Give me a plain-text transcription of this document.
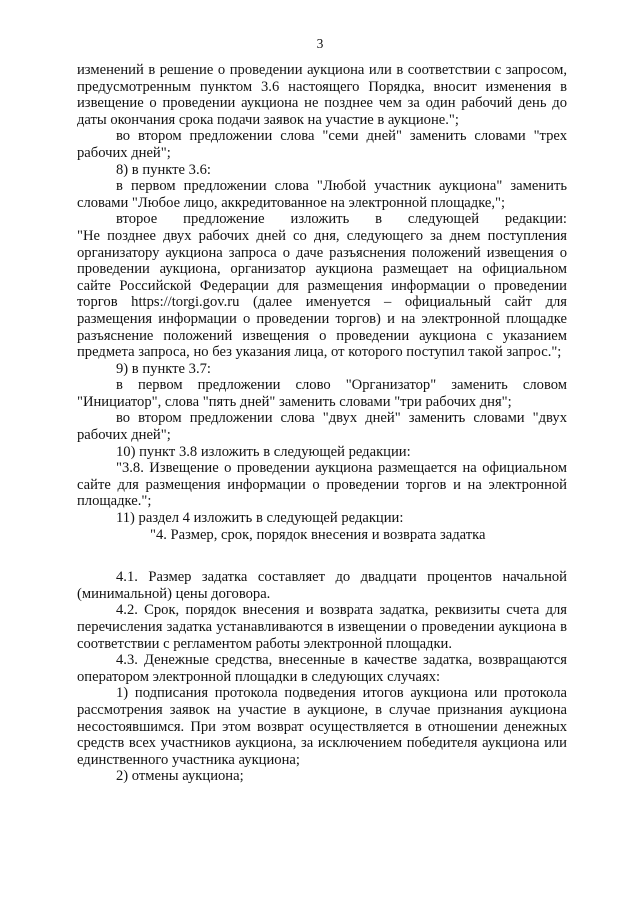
3

изменений в решение о проведении аукциона или в соответствии с запросом, предусмотренным пунктом 3.6 настоящего Порядка, вносит изменения в извещение о проведении аукциона не позднее чем за один рабочий день до даты окончания срока подачи заявок на участие в аукционе.";

во втором предложении слова "семи дней" заменить словами "трех рабочих дней";

8) в пункте 3.6:

в первом предложении слова "Любой участник аукциона" заменить словами "Любое лицо, аккредитованное на электронной площадке,";

второе предложение изложить в следующей редакции:

"Не позднее двух рабочих дней со дня, следующего за днем поступления организатору аукциона запроса о даче разъяснения положений извещения о проведении аукциона, организатор аукциона размещает на официальном сайте Российской Федерации для размещения информации о проведении торгов https://torgi.gov.ru (далее именуется – официальный сайт для размещения информации о проведении торгов) и на электронной площадке разъяснение положений извещения о проведении аукциона с указанием предмета запроса, но без указания лица, от которого поступил такой запрос.";

9) в пункте 3.7:

в первом предложении слово "Организатор" заменить словом "Инициатор", слова "пять дней" заменить словами "три рабочих дня";

во втором предложении слова "двух дней" заменить словами "двух рабочих дней";

10) пункт 3.8 изложить в следующей редакции:

"3.8. Извещение о проведении аукциона размещается на официальном сайте для размещения информации о проведении торгов и на электронной площадке.";

11) раздел 4 изложить в следующей редакции:

"4. Размер, срок, порядок внесения и возврата задатка

4.1. Размер задатка составляет до двадцати процентов начальной (минимальной) цены договора.

4.2. Срок, порядок внесения и возврата задатка, реквизиты счета для перечисления задатка устанавливаются в извещении о проведении аукциона в соответствии с регламентом работы электронной площадки.

4.3. Денежные средства, внесенные в качестве задатка, возвращаются оператором электронной площадки в следующих случаях:

1) подписания протокола подведения итогов аукциона или протокола рассмотрения заявок на участие в аукционе, в случае признания аукциона несостоявшимся. При этом возврат осуществляется в отношении денежных средств всех участников аукциона, за исключением победителя аукциона или единственного участника аукциона;

2) отмены аукциона;
